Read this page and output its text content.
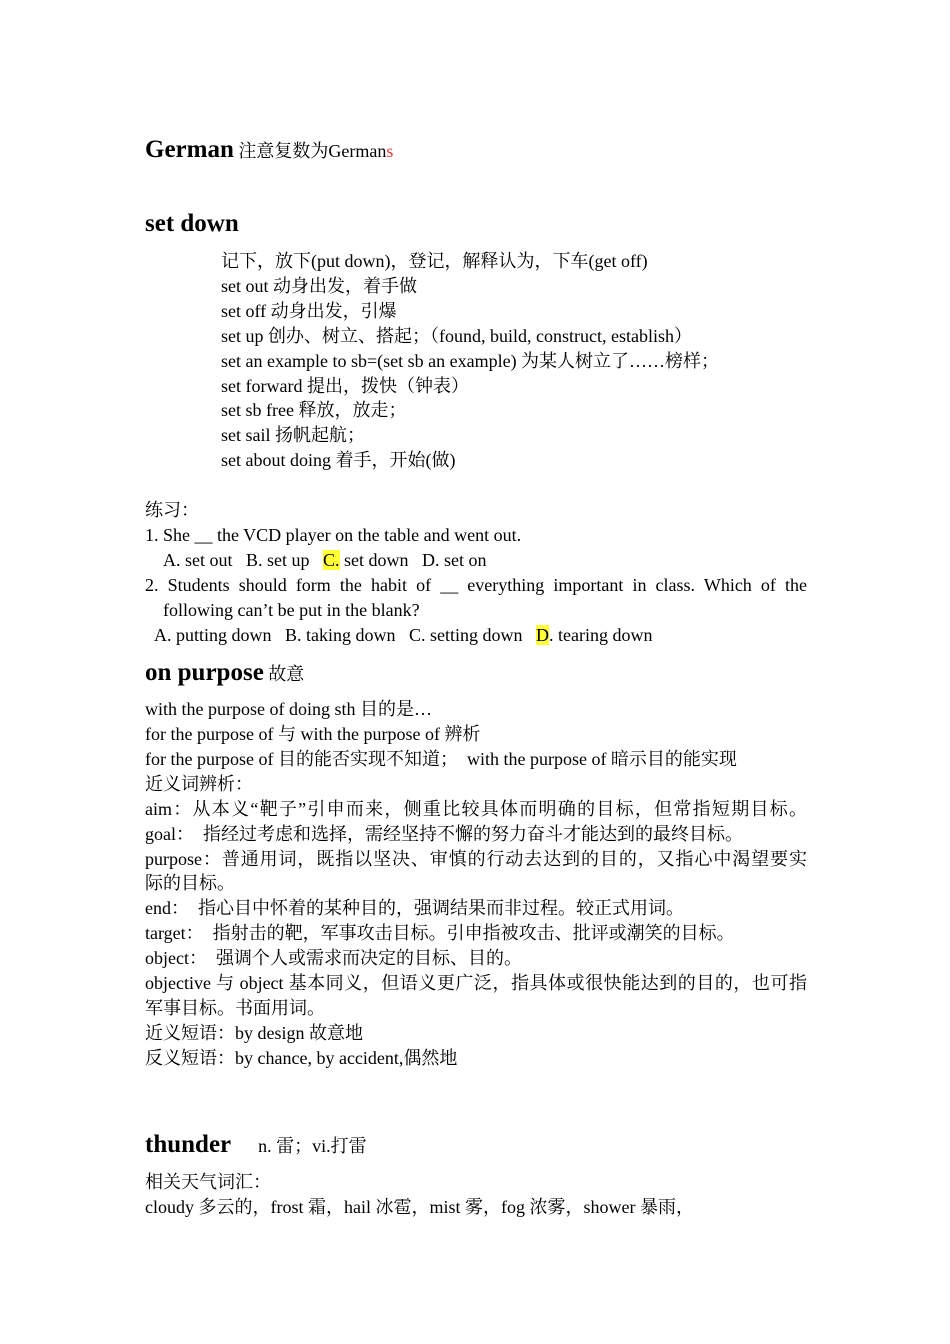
German 注意复数为Germans
set down
记下，放下(put down)，登记，解释认为，下车(get off)
set out 动身出发，着手做
set off 动身出发，引爆
set up 创办、树立、搭起；（found, build, construct, establish）
set an example to sb=(set sb an example) 为某人树立了……榜样；
set forward 提出，拨快（钟表）
set sb free 释放，放走；
set sail 扬帆起航；
set about doing 着手，开始(做)
练习：
1. She __ the VCD player on the table and went out.
A. set out   B. set up   C. set down   D. set on
2. Students should form the habit of __ everything important in class. Which of the
following can’t be put in the blank?
A. putting down   B. taking down   C. setting down   D. tearing down
on purpose 故意
with the purpose of doing sth 目的是…
for the purpose of 与 with the purpose of 辨析
for the purpose of 目的能否实现不知道；  with the purpose of 暗示目的能实现
近义词辨析：
aim：从本义“靶子”引申而来，侧重比较具体而明确的目标，但常指短期目标。
goal：  指经过考虑和选择，需经坚持不懈的努力奋斗才能达到的最终目标。
purpose：普通用词，既指以坚决、审慎的行动去达到的目的，又指心中渴望要实
际的目标。
end：  指心目中怀着的某种目的，强调结果而非过程。较正式用词。
target：  指射击的靶，军事攻击目标。引申指被攻击、批评或潮笑的目标。
object：  强调个人或需求而决定的目标、目的。
objective 与 object 基本同义，但语义更广泛，指具体或很快能达到的目的，也可指
军事目标。书面用词。
近义短语：by design 故意地
反义短语：by chance, by accident,偶然地
thunder n. 雷；vi.打雷
相关天气词汇：
cloudy 多云的，frost 霜，hail 冰雹，mist 雾，fog 浓雾，shower 暴雨，
